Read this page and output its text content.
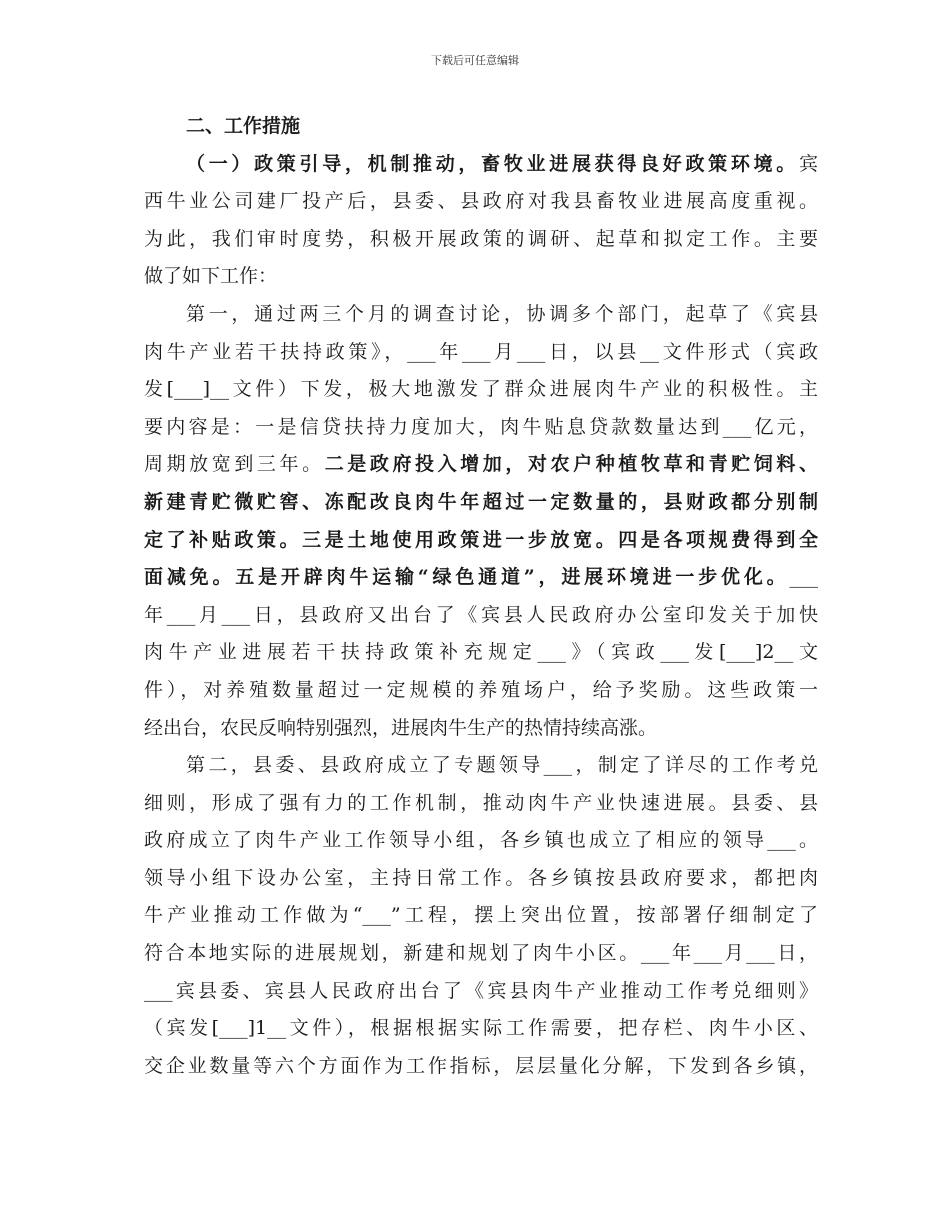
下载后可任意编辑
二、工作措施
（一）政策引导，机制推动，畜牧业进展获得良好政策环境。宾
西牛业公司建厂投产后，县委、县政府对我县畜牧业进展高度重视。
为此，我们审时度势，积极开展政策的调研、起草和拟定工作。主要
做了如下工作：
第一，通过两三个月的调查讨论，协调多个部门，起草了《宾县
肉牛产业若干扶持政策》，___年___月___日，以县__文件形式（宾政
发[___]__文件）下发，极大地激发了群众进展肉牛产业的积极性。主
要内容是：一是信贷扶持力度加大，肉牛贴息贷款数量达到___亿元，
周期放宽到三年。二是政府投入增加，对农户种植牧草和青贮饲料、
新建青贮微贮窖、冻配改良肉牛年超过一定数量的，县财政都分别制
定了补贴政策。三是土地使用政策进一步放宽。四是各项规费得到全
面减免。五是开辟肉牛运输“绿色通道”，进展环境进一步优化。___
年___月___日，县政府又出台了《宾县人民政府办公室印发关于加快
肉牛产业进展若干扶持政策补充规定___》（宾政___发[___]2__文
件），对养殖数量超过一定规模的养殖场户，给予奖励。这些政策一
经出台，农民反响特别强烈，进展肉牛生产的热情持续高涨。
第二，县委、县政府成立了专题领导___，制定了详尽的工作考兑
细则，形成了强有力的工作机制，推动肉牛产业快速进展。县委、县
政府成立了肉牛产业工作领导小组，各乡镇也成立了相应的领导___。
领导小组下设办公室，主持日常工作。各乡镇按县政府要求，都把肉
牛产业推动工作做为“___”工程，摆上突出位置，按部署仔细制定了
符合本地实际的进展规划，新建和规划了肉牛小区。___年___月___日，
___宾县委、宾县人民政府出台了《宾县肉牛产业推动工作考兑细则》
（宾发[___]1__文件），根据根据实际工作需要，把存栏、肉牛小区、
交企业数量等六个方面作为工作指标，层层量化分解，下发到各乡镇，
